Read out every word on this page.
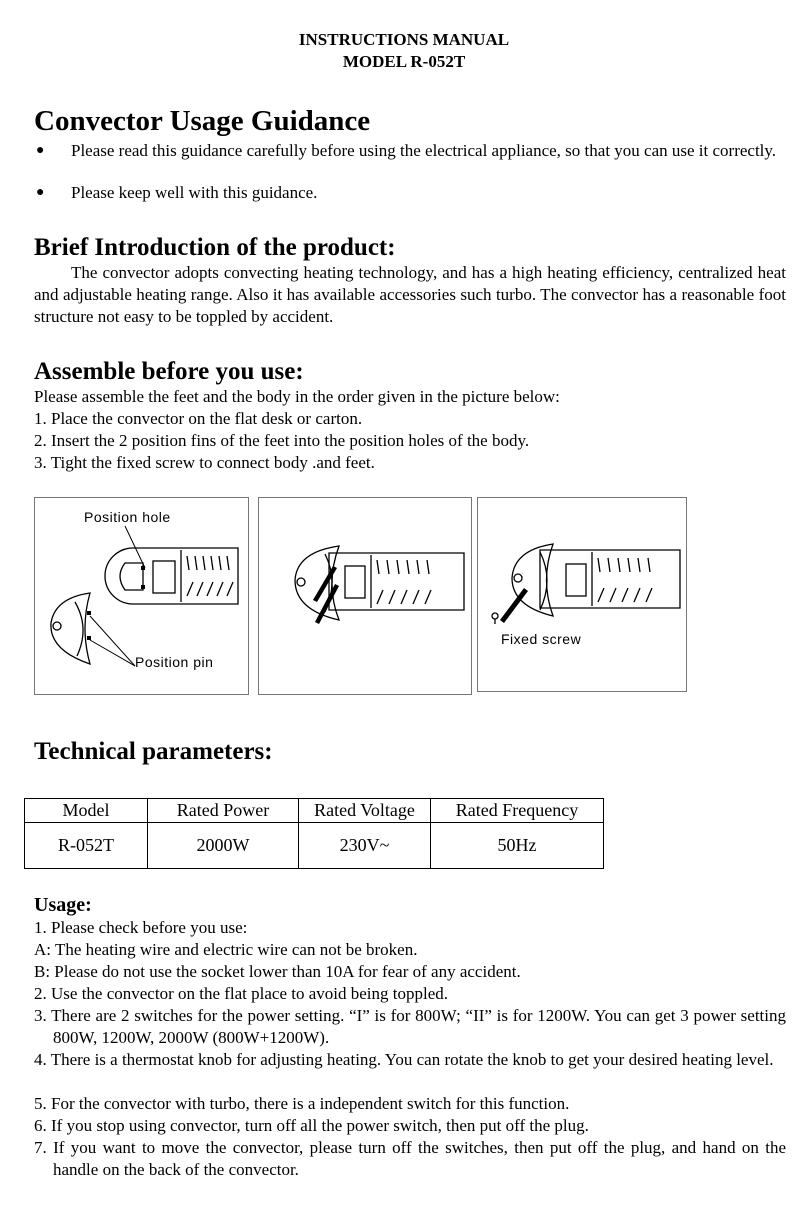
INSTRUCTIONS MANUAL
MODEL R-052T
Convector Usage Guidance
● Please read this guidance carefully before using the electrical appliance, so that you can use it correctly.
● Please keep well with this guidance.
Brief Introduction of the product:
The convector adopts convecting heating technology, and has a high heating efficiency, centralized heat and adjustable heating range. Also it has available accessories such turbo. The convector has a reasonable foot structure not easy to be toppled by accident.
Assemble before you use:
Please assemble the feet and the body in the order given in the picture below:
1. Place the convector on the flat desk or carton.
2. Insert the 2 position fins of the feet into the position holes of the body.
3. Tight the fixed screw to connect body .and feet.
Position hole
Position pin
Fixed screw
Technical parameters:
Model	Rated Power	Rated Voltage	Rated Frequency
R-052T	2000W	230V~	50Hz
Usage:
1. Please check before you use:
A: The heating wire and electric wire can not be broken.
B: Please do not use the socket lower than 10A for fear of any accident.
2. Use the convector on the flat place to avoid being toppled.
3. There are 2 switches for the power setting. “I” is for 800W; “II” is for 1200W. You can get 3 power setting 800W, 1200W, 2000W (800W+1200W).
4. There is a thermostat knob for adjusting heating. You can rotate the knob to get your desired heating level.
5. For the convector with turbo, there is a independent switch for this function.
6. If you stop using convector, turn off all the power switch, then put off the plug.
7. If you want to move the convector, please turn off the switches, then put off the plug, and hand on the handle on the back of the convector.
